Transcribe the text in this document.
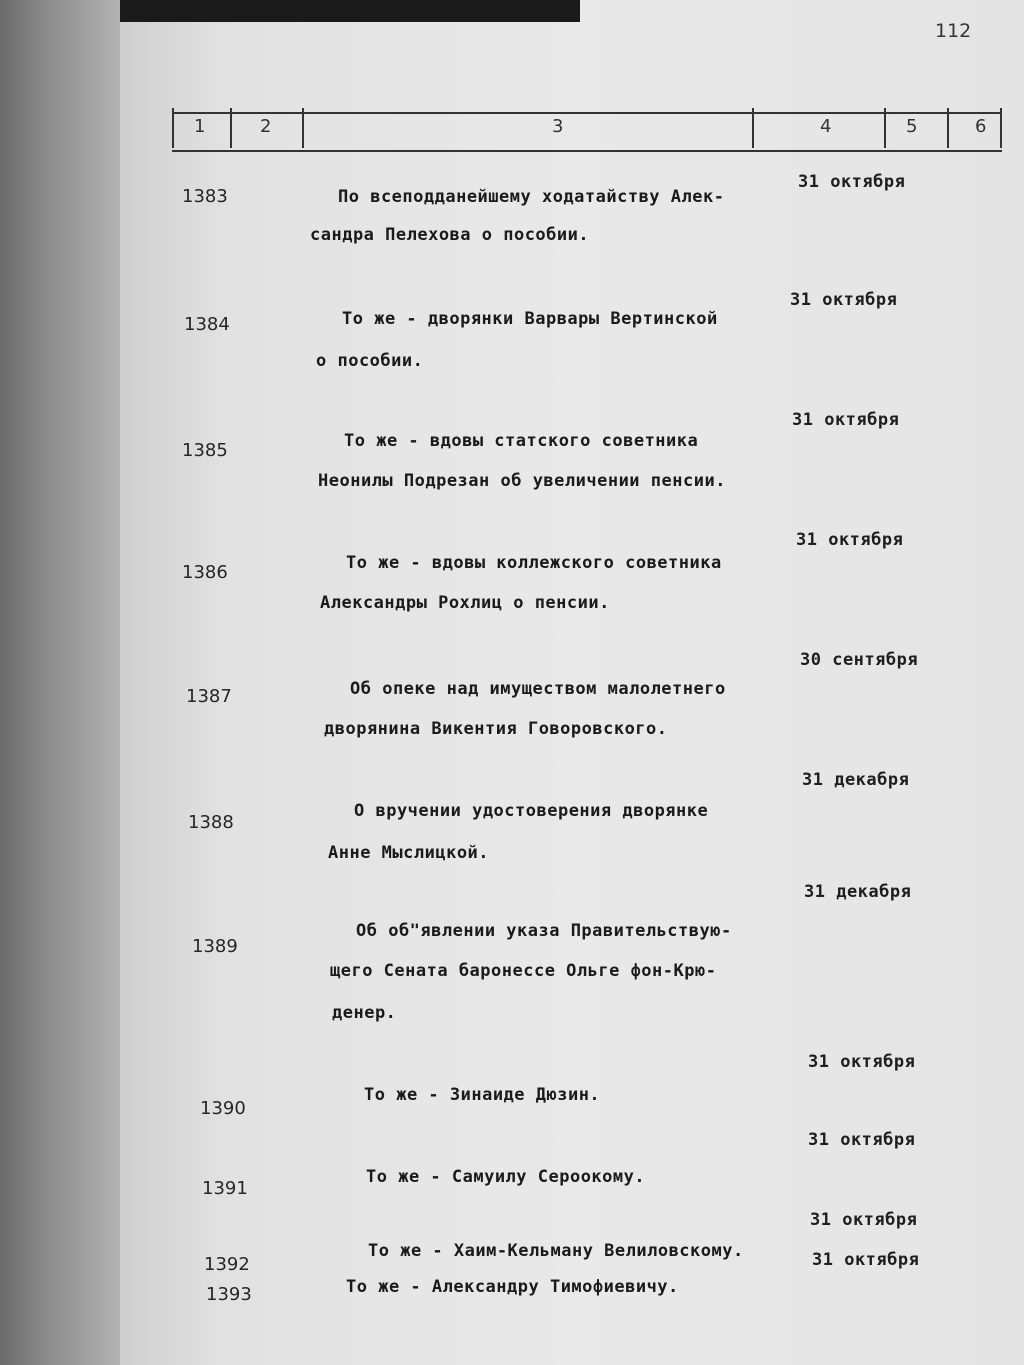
112
1	2	3	4	5	6
1383	По всеподданейшему ходатайству Алек-
сандра Пелехова о пособии.
31 октября
1384	То же - дворянки Варвары Вертинской
о пособии.
31 октября
1385	То же - вдовы статского советника
Неонилы Подрезан об увеличении пенсии.
31 октября
1386	То же - вдовы коллежского советника
Александры Рохлиц о пенсии.
31 октября
1387	Об опеке над имуществом малолетнего
дворянина Викентия Говоровского.
30 сентября
1388
О вручении удостоверения дворянке
Анне Мыслицкой.
31 декабря
1389
Об об"явлении указа Правительствую-
щего Сената баронессе Ольге фон-Крю-
денер.
31 декабря
1390
То же - Зинаиде Дюзин.
31 октября
1391
То же - Самуилу Сероокому.
31 октября
1392
То же - Хаим-Кельману Велиловскому.
31 октября
1393	То же - Александру Тимофиевичу.
31 октября
